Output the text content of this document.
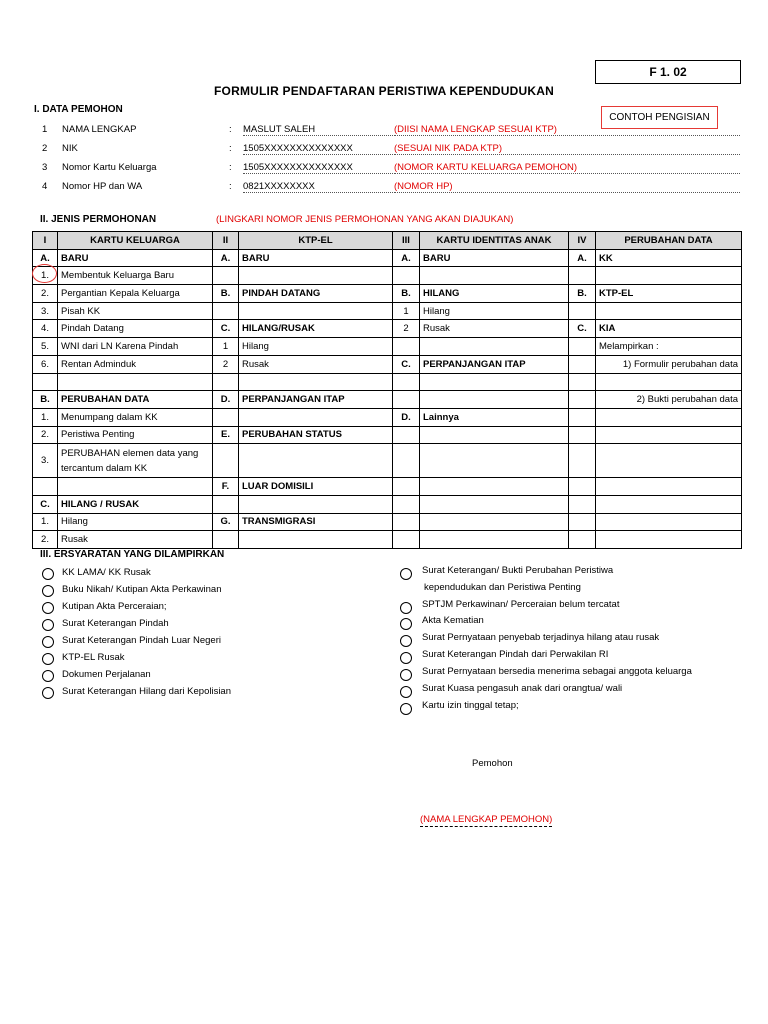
F 1. 02
FORMULIR PENDAFTARAN PERISTIWA KEPENDUDUKAN
CONTOH PENGISIAN
I. DATA PEMOHON
1 NAMA LENGKAP	: MASLUT SALEH	(DIISI NAMA LENGKAP SESUAI KTP)
2 NIK	: 1505XXXXXXXXXXXXXX	(SESUAI NIK PADA KTP)
3 Nomor Kartu Keluarga	: 1505XXXXXXXXXXXXXX	(NOMOR KARTU KELUARGA PEMOHON)
4 Nomor HP dan WA	: 0821XXXXXXXX	(NOMOR HP)
II. JENIS PERMOHONAN	(LINGKARI NOMOR JENIS PERMOHONAN YANG AKAN DIAJUKAN)
I	KARTU KELUARGA	II	KTP-EL	III	KARTU IDENTITAS ANAK	IV	PERUBAHAN DATA
A.	BARU	A.	BARU	A.	BARU	A.	KK
1.	Membentuk Keluarga Baru						
2.	Pergantian Kepala Keluarga	B.	PINDAH DATANG	B.	HILANG	B.	KTP-EL
3.	Pisah KK			1	Hilang		
4.	Pindah Datang	C.	HILANG/RUSAK	2	Rusak	C.	KIA
5.	WNI dari LN Karena Pindah	1	Hilang				Melampirkan :
6.	Rentan Adminduk	2	Rusak	C.	PERPANJANGAN ITAP		1) Formulir perubahan data

B.	PERUBAHAN DATA	D.	PERPANJANGAN ITAP				2) Bukti perubahan data
1.	Menumpang dalam KK			D.	Lainnya		
2.	Peristiwa Penting	E.	PERUBAHAN STATUS				
3.	PERUBAHAN elemen data yang tercantum dalam KK						
		F.	LUAR DOMISILI				
C.	HILANG / RUSAK						
1.	Hilang	G.	TRANSMIGRASI				
2.	Rusak						
III. ERSYARATAN YANG DILAMPIRKAN
KK LAMA/ KK Rusak
Buku Nikah/ Kutipan Akta Perkawinan
Kutipan Akta Perceraian;
Surat Keterangan Pindah
Surat Keterangan Pindah Luar Negeri
KTP-EL Rusak
Dokumen Perjalanan
Surat Keterangan Hilang dari Kepolisian
Surat Keterangan/ Bukti Perubahan Peristiwa
kependudukan dan Peristiwa Penting
SPTJM Perkawinan/ Perceraian belum tercatat
Akta Kematian
Surat Pernyataan penyebab terjadinya hilang atau rusak
Surat Keterangan Pindah dari Perwakilan RI
Surat Pernyataan bersedia menerima sebagai anggota keluarga
Surat Kuasa pengasuh anak dari orangtua/ wali
Kartu izin tinggal tetap;
Pemohon
(NAMA LENGKAP PEMOHON)
